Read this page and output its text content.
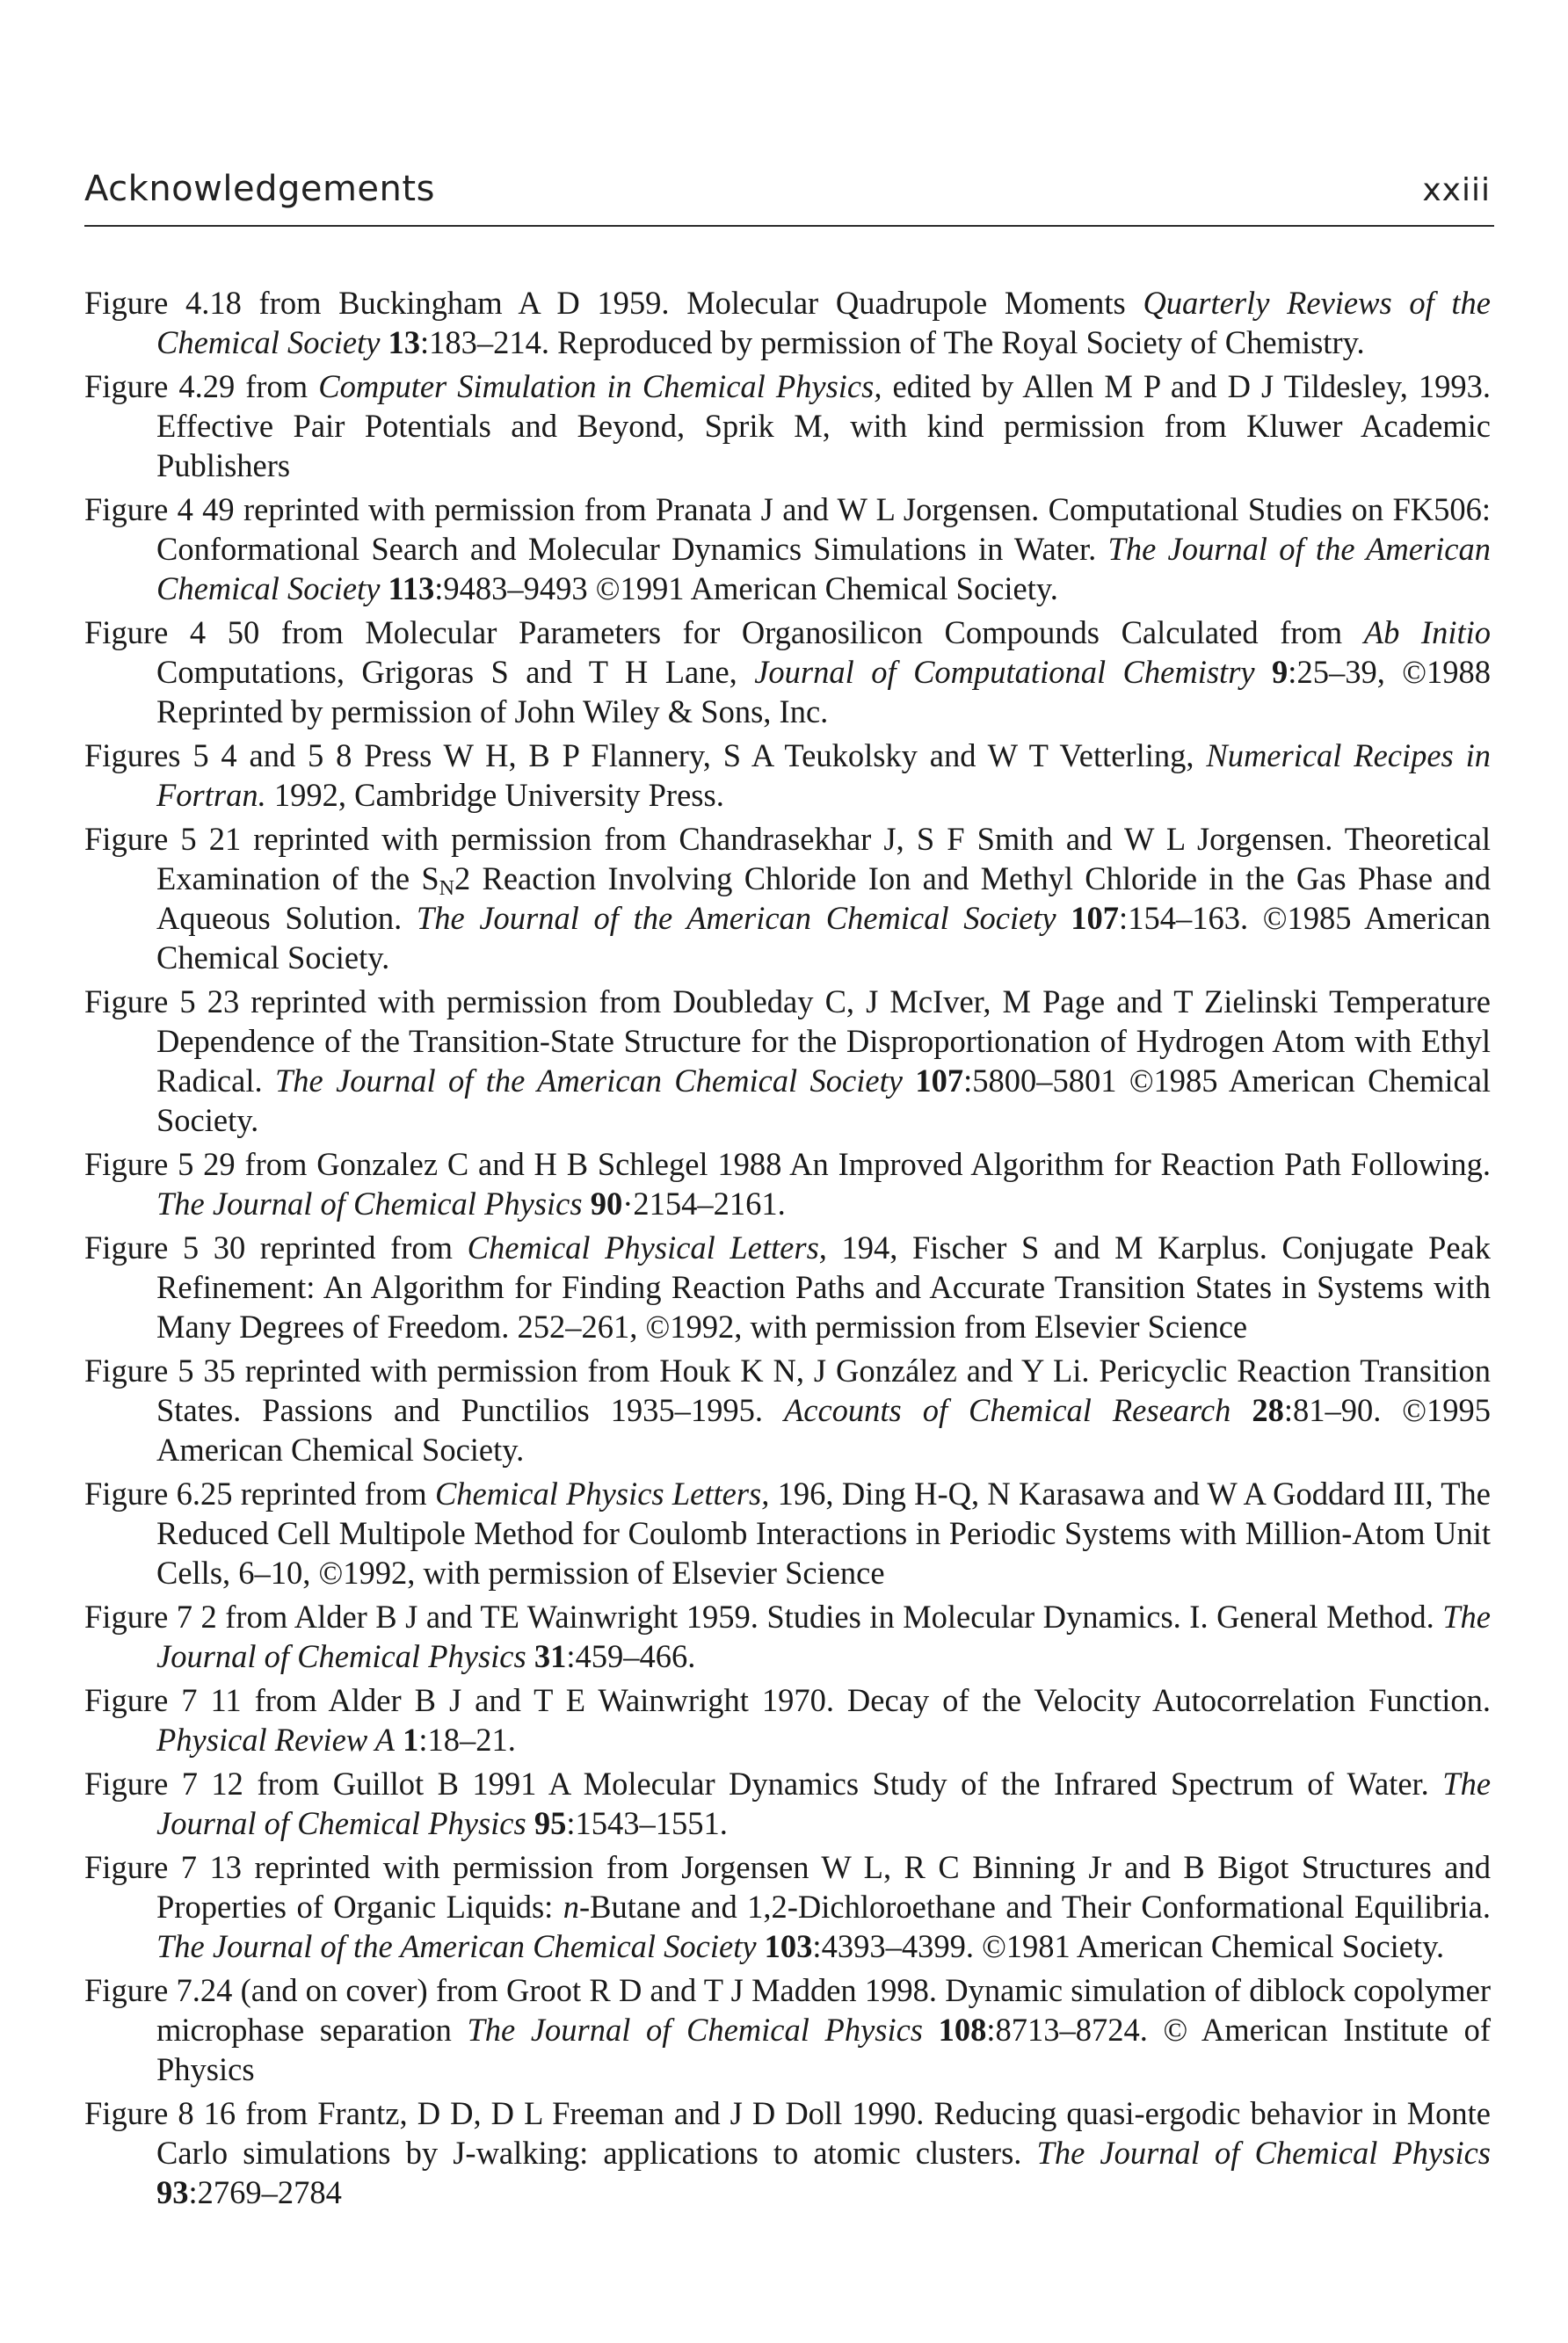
Acknowledgements	xxiii

Figure 4.18 from Buckingham A D 1959. Molecular Quadrupole Moments Quarterly Reviews of the Chemical Society 13:183–214. Reproduced by permission of The Royal Society of Chemistry.

Figure 4.29 from Computer Simulation in Chemical Physics, edited by Allen M P and D J Tildesley, 1993. Effective Pair Potentials and Beyond, Sprik M, with kind permission from Kluwer Academic Publishers

Figure 4 49 reprinted with permission from Pranata J and W L Jorgensen. Computational Studies on FK506: Conformational Search and Molecular Dynamics Simulations in Water. The Journal of the American Chemical Society 113:9483–9493 ©1991 American Chemical Society.

Figure 4 50 from Molecular Parameters for Organosilicon Compounds Calculated from Ab Initio Computations, Grigoras S and T H Lane, Journal of Computational Chemistry 9:25–39, ©1988 Reprinted by permission of John Wiley & Sons, Inc.

Figures 5 4 and 5 8 Press W H, B P Flannery, S A Teukolsky and W T Vetterling, Numerical Recipes in Fortran. 1992, Cambridge University Press.

Figure 5 21 reprinted with permission from Chandrasekhar J, S F Smith and W L Jorgensen. Theoretical Examination of the $S_N2$ Reaction Involving Chloride Ion and Methyl Chloride in the Gas Phase and Aqueous Solution. The Journal of the American Chemical Society 107:154–163. ©1985 American Chemical Society.

Figure 5 23 reprinted with permission from Doubleday C, J McIver, M Page and T Zielinski Temperature Dependence of the Transition-State Structure for the Disproportionation of Hydrogen Atom with Ethyl Radical. The Journal of the American Chemical Society 107:5800–5801 ©1985 American Chemical Society.

Figure 5 29 from Gonzalez C and H B Schlegel 1988 An Improved Algorithm for Reaction Path Following. The Journal of Chemical Physics 90·2154–2161.

Figure 5 30 reprinted from Chemical Physical Letters, 194, Fischer S and M Karplus. Conjugate Peak Refinement: An Algorithm for Finding Reaction Paths and Accurate Transition States in Systems with Many Degrees of Freedom. 252–261, ©1992, with permission from Elsevier Science

Figure 5 35 reprinted with permission from Houk K N, J González and Y Li. Pericyclic Reaction Transition States. Passions and Punctilios 1935–1995. Accounts of Chemical Research 28:81–90. ©1995 American Chemical Society.

Figure 6.25 reprinted from Chemical Physics Letters, 196, Ding H-Q, N Karasawa and W A Goddard III, The Reduced Cell Multipole Method for Coulomb Interactions in Periodic Systems with Million-Atom Unit Cells, 6–10, ©1992, with permission of Elsevier Science

Figure 7 2 from Alder B J and TE Wainwright 1959. Studies in Molecular Dynamics. I. General Method. The Journal of Chemical Physics 31:459–466.

Figure 7 11 from Alder B J and T E Wainwright 1970. Decay of the Velocity Autocorrelation Function. Physical Review A 1:18–21.

Figure 7 12 from Guillot B 1991 A Molecular Dynamics Study of the Infrared Spectrum of Water. The Journal of Chemical Physics 95:1543–1551.

Figure 7 13 reprinted with permission from Jorgensen W L, R C Binning Jr and B Bigot Structures and Properties of Organic Liquids: n-Butane and 1,2-Dichloroethane and Their Conformational Equilibria. The Journal of the American Chemical Society 103:4393–4399. ©1981 American Chemical Society.

Figure 7.24 (and on cover) from Groot R D and T J Madden 1998. Dynamic simulation of diblock copolymer microphase separation The Journal of Chemical Physics 108:8713–8724. © American Institute of Physics

Figure 8 16 from Frantz, D D, D L Freeman and J D Doll 1990. Reducing quasi-ergodic behavior in Monte Carlo simulations by J-walking: applications to atomic clusters. The Journal of Chemical Physics 93:2769–2784
